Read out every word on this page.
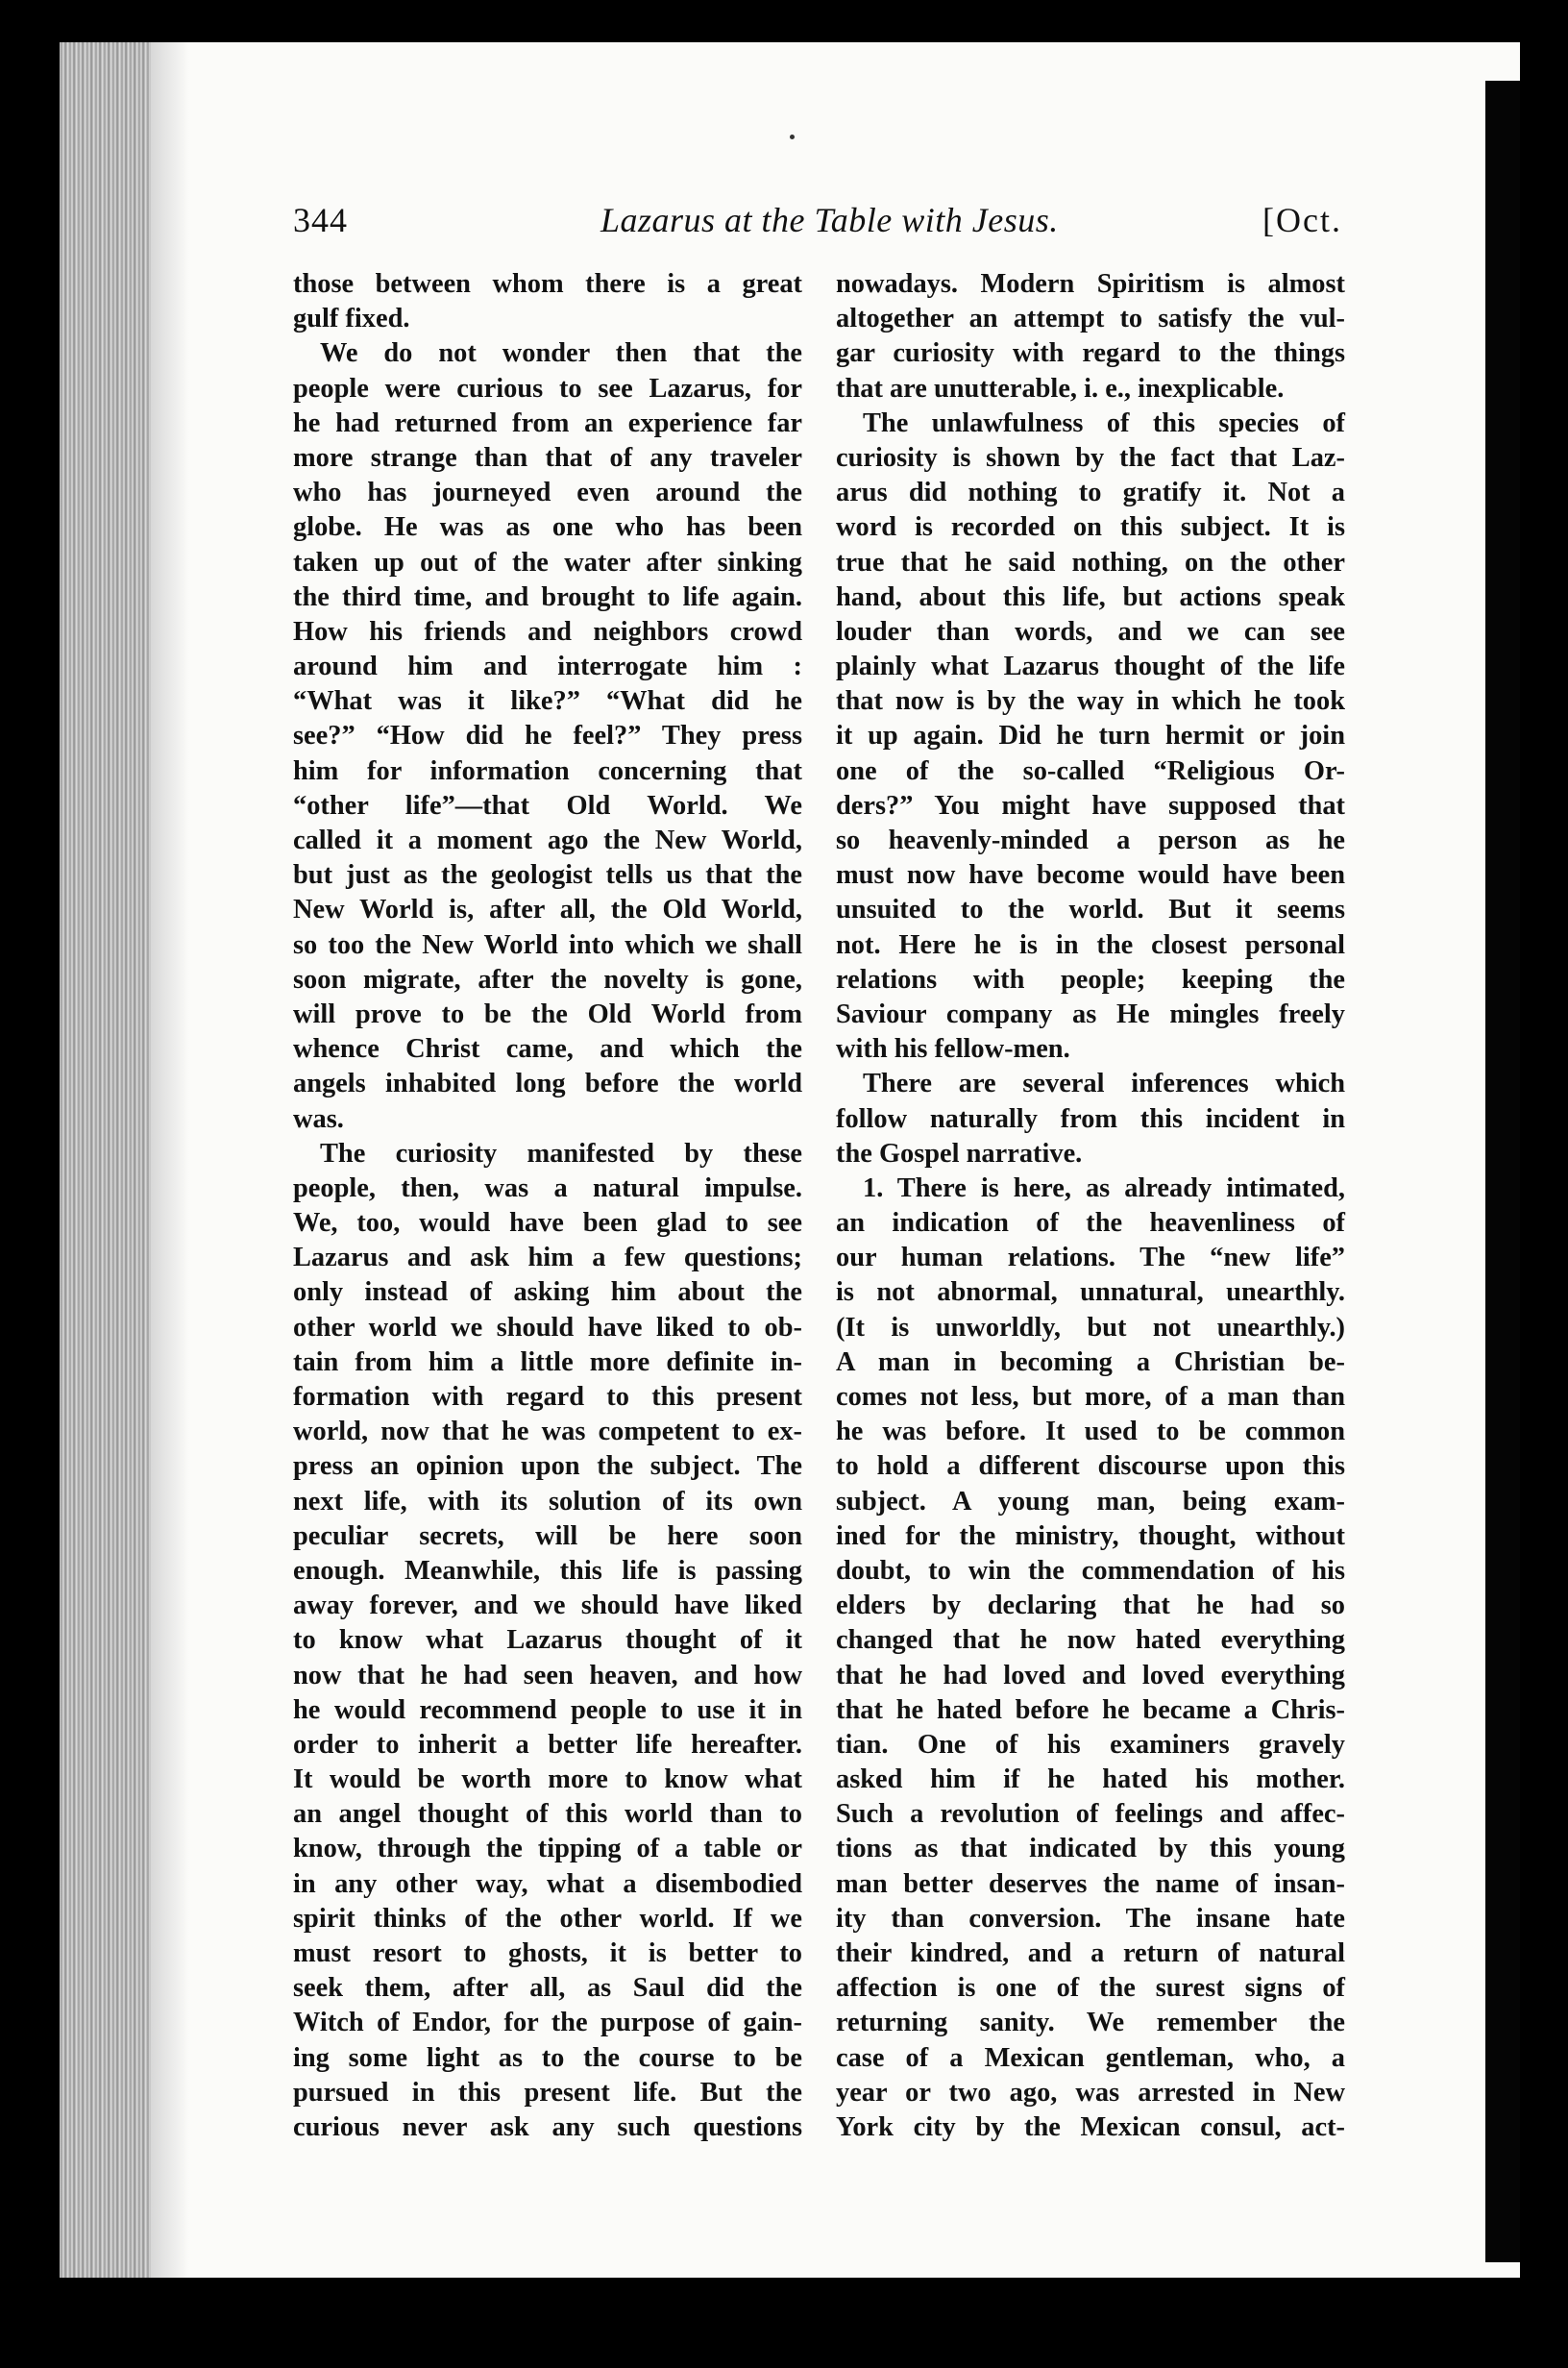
344	Lazarus at the Table with Jesus.	[Oct.
those between whom there is a great
gulf fixed.
We do not wonder then that the
people were curious to see Lazarus, for
he had returned from an experience far
more strange than that of any traveler
who has journeyed even around the
globe. He was as one who has been
taken up out of the water after sinking
the third time, and brought to life again.
How his friends and neighbors crowd
around him and interrogate him :
“What was it like?” “What did he
see?” “How did he feel?” They press
him for information concerning that
“other life”—that Old World. We
called it a moment ago the New World,
but just as the geologist tells us that the
New World is, after all, the Old World,
so too the New World into which we shall
soon migrate, after the novelty is gone,
will prove to be the Old World from
whence Christ came, and which the
angels inhabited long before the world
was.
The curiosity manifested by these
people, then, was a natural impulse.
We, too, would have been glad to see
Lazarus and ask him a few questions;
only instead of asking him about the
other world we should have liked to ob-
tain from him a little more definite in-
formation with regard to this present
world, now that he was competent to ex-
press an opinion upon the subject. The
next life, with its solution of its own
peculiar secrets, will be here soon
enough. Meanwhile, this life is passing
away forever, and we should have liked
to know what Lazarus thought of it
now that he had seen heaven, and how
he would recommend people to use it in
order to inherit a better life hereafter.
It would be worth more to know what
an angel thought of this world than to
know, through the tipping of a table or
in any other way, what a disembodied
spirit thinks of the other world. If we
must resort to ghosts, it is better to
seek them, after all, as Saul did the
Witch of Endor, for the purpose of gain-
ing some light as to the course to be
pursued in this present life. But the
curious never ask any such questions
nowadays. Modern Spiritism is almost
altogether an attempt to satisfy the vul-
gar curiosity with regard to the things
that are unutterable, i. e., inexplicable.
The unlawfulness of this species of
curiosity is shown by the fact that Laz-
arus did nothing to gratify it. Not a
word is recorded on this subject. It is
true that he said nothing, on the other
hand, about this life, but actions speak
louder than words, and we can see
plainly what Lazarus thought of the life
that now is by the way in which he took
it up again. Did he turn hermit or join
one of the so-called “Religious Or-
ders?” You might have supposed that
so heavenly-minded a person as he
must now have become would have been
unsuited to the world. But it seems
not. Here he is in the closest personal
relations with people; keeping the
Saviour company as He mingles freely
with his fellow-men.
There are several inferences which
follow naturally from this incident in
the Gospel narrative.
1. There is here, as already intimated,
an indication of the heavenliness of
our human relations. The “new life”
is not abnormal, unnatural, unearthly.
(It is unworldly, but not unearthly.)
A man in becoming a Christian be-
comes not less, but more, of a man than
he was before. It used to be common
to hold a different discourse upon this
subject. A young man, being exam-
ined for the ministry, thought, without
doubt, to win the commendation of his
elders by declaring that he had so
changed that he now hated everything
that he had loved and loved everything
that he hated before he became a Chris-
tian. One of his examiners gravely
asked him if he hated his mother.
Such a revolution of feelings and affec-
tions as that indicated by this young
man better deserves the name of insan-
ity than conversion. The insane hate
their kindred, and a return of natural
affection is one of the surest signs of
returning sanity. We remember the
case of a Mexican gentleman, who, a
year or two ago, was arrested in New
York city by the Mexican consul, act-
